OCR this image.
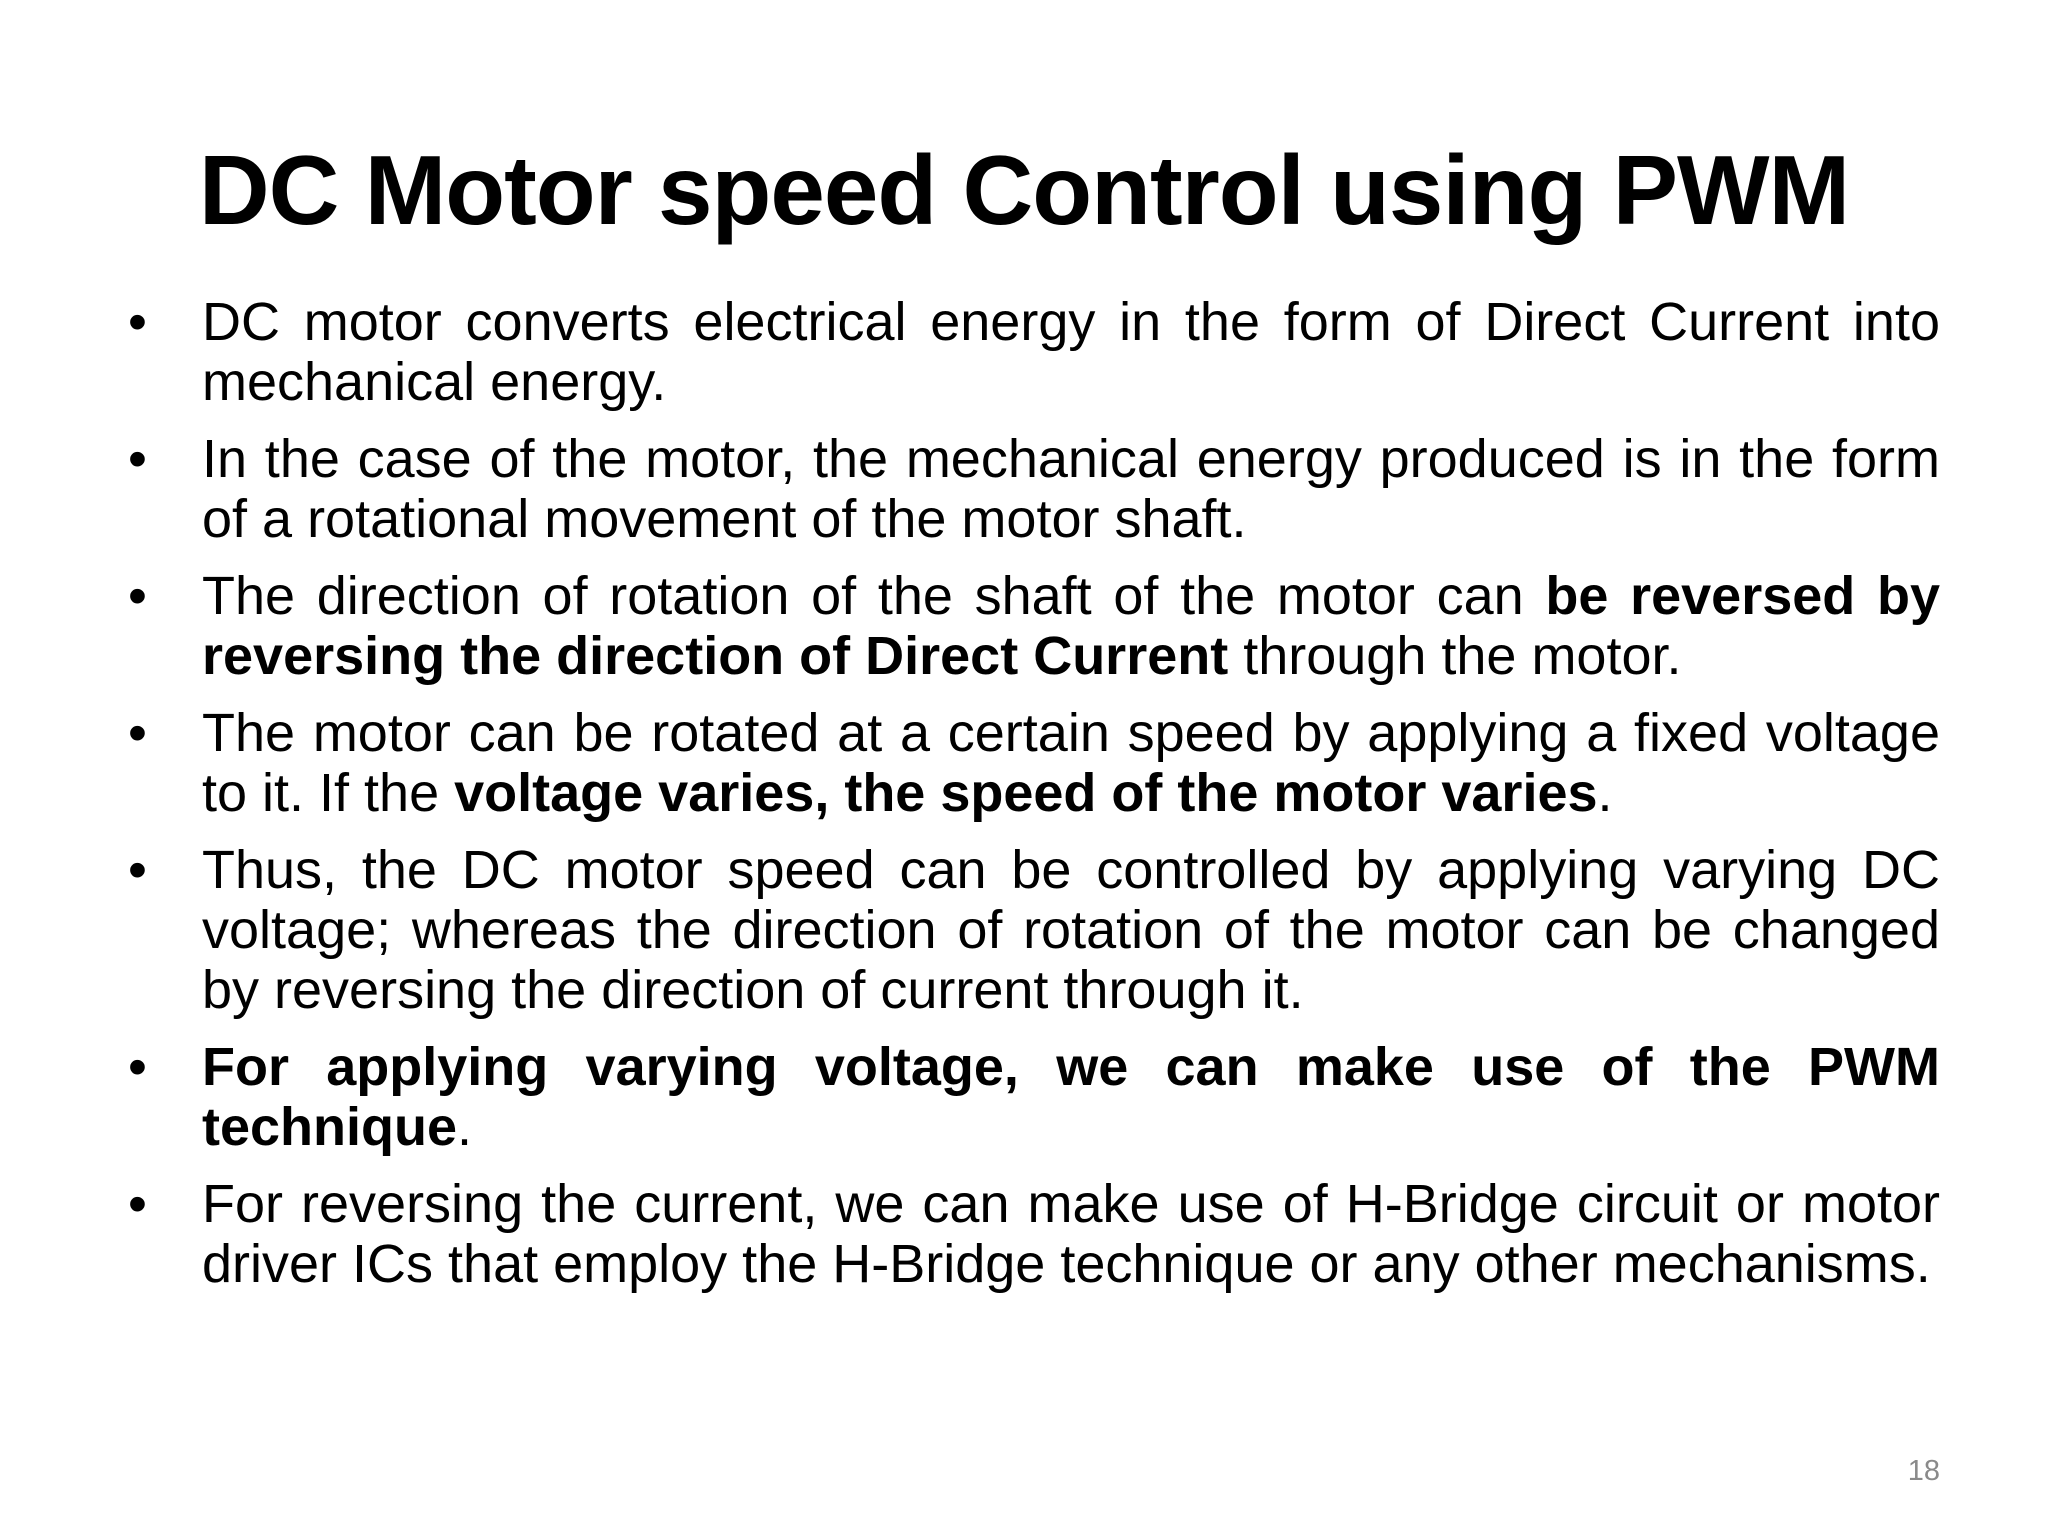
DC Motor speed Control using PWM
•	DC motor converts electrical energy in the form of Direct Current into mechanical energy.
•	In the case of the motor, the mechanical energy produced is in the form of a rotational movement of the motor shaft.
•	The direction of rotation of the shaft of the motor can be reversed by reversing the direction of Direct Current through the motor.
•	The motor can be rotated at a certain speed by applying a fixed voltage to it. If the voltage varies, the speed of the motor varies.
•	Thus, the DC motor speed can be controlled by applying varying DC voltage; whereas the direction of rotation of the motor can be changed by reversing the direction of current through it.
•	For applying varying voltage, we can make use of the PWM technique.
•	For reversing the current, we can make use of H-Bridge circuit or motor driver ICs that employ the H-Bridge technique or any other mechanisms.
18
